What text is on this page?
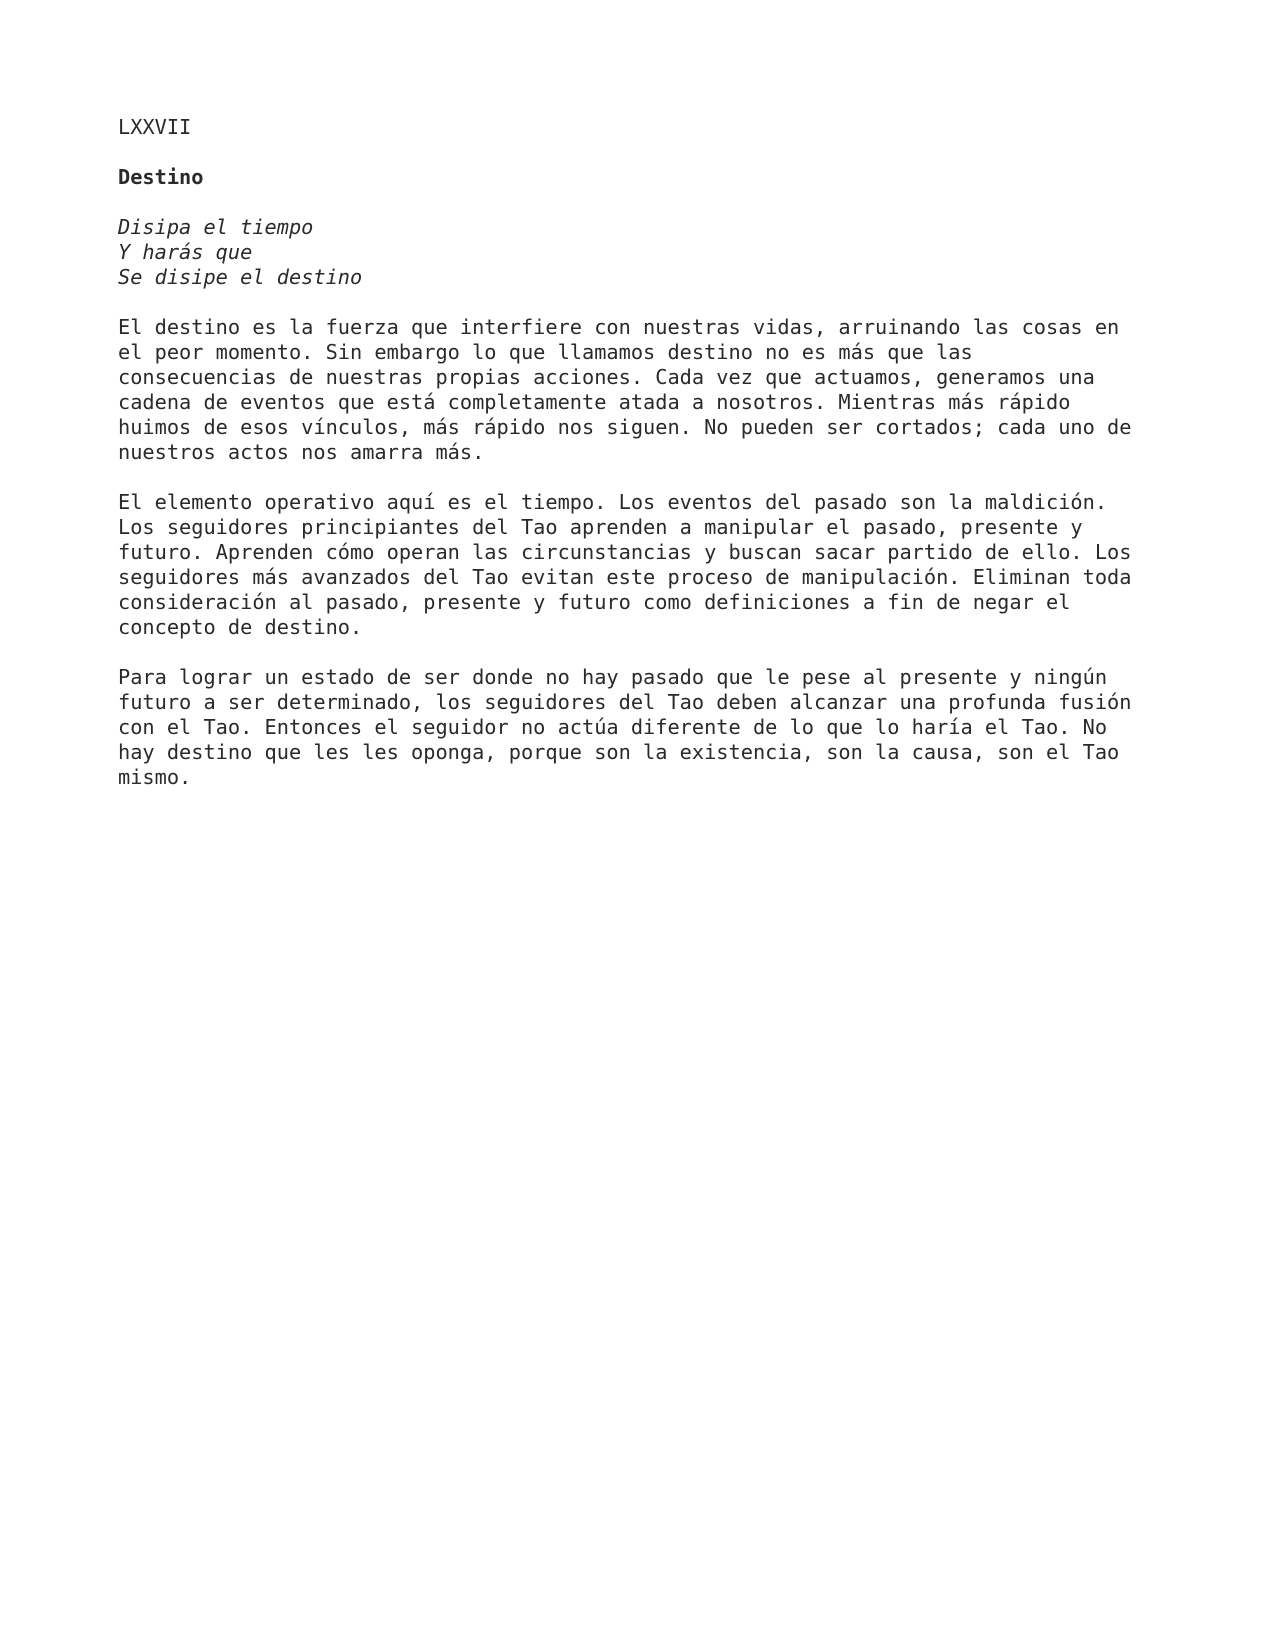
LXXVII

Destino

Disipa el tiempo
Y harás que
Se disipe el destino

El destino es la fuerza que interfiere con nuestras vidas, arruinando las cosas en
el peor momento. Sin embargo lo que llamamos destino no es más que las
consecuencias de nuestras propias acciones. Cada vez que actuamos, generamos una
cadena de eventos que está completamente atada a nosotros. Mientras más rápido
huimos de esos vínculos, más rápido nos siguen. No pueden ser cortados; cada uno de
nuestros actos nos amarra más.

El elemento operativo aquí es el tiempo. Los eventos del pasado son la maldición.
Los seguidores principiantes del Tao aprenden a manipular el pasado, presente y
futuro. Aprenden cómo operan las circunstancias y buscan sacar partido de ello. Los
seguidores más avanzados del Tao evitan este proceso de manipulación. Eliminan toda
consideración al pasado, presente y futuro como definiciones a fin de negar el
concepto de destino.

Para lograr un estado de ser donde no hay pasado que le pese al presente y ningún
futuro a ser determinado, los seguidores del Tao deben alcanzar una profunda fusión
con el Tao. Entonces el seguidor no actúa diferente de lo que lo haría el Tao. No
hay destino que les les oponga, porque son la existencia, son la causa, son el Tao
mismo.
